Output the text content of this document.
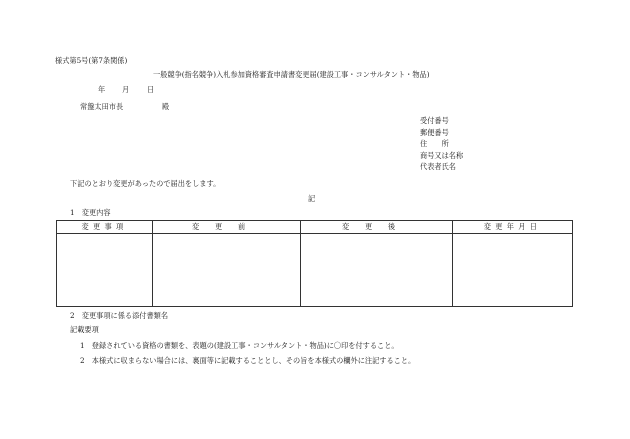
様式第5号(第7条関係)
一般競争(指名競争)入札参加資格審査申請書変更届(建設工事・コンサルタント・物品)
年 月 日
常盤太田市長	殿
受付番号
郵便番号
住　　所
商号又は名称
代表者氏名
下記のとおり変更があったので届出をします。
記
1　変更内容
変更事項	変更前	変更後	変更年月日

2　変更事項に係る添付書類名
記載要項
1　登録されている資格の書類を、表題の(建設工事・コンサルタント・物品)に〇印を付すること。
2　本様式に収まらない場合には、裏面等に記載することとし、その旨を本様式の欄外に注記すること。
